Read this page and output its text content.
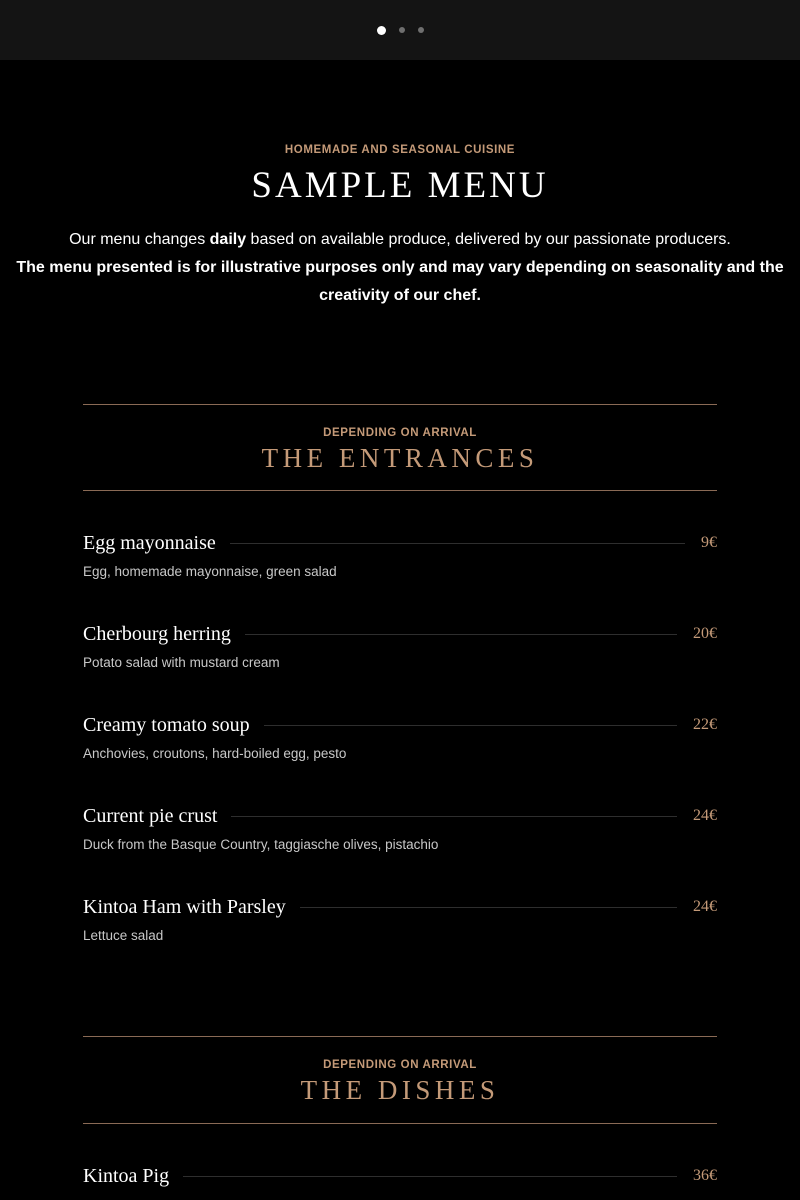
HOMEMADE AND SEASONAL CUISINE
SAMPLE MENU
Our menu changes daily based on available produce, delivered by our passionate producers.
The menu presented is for illustrative purposes only and may vary depending on seasonality and the creativity of our chef.
DEPENDING ON ARRIVAL
THE ENTRANCES
Egg mayonnaise	9€
Egg, homemade mayonnaise, green salad
Cherbourg herring	20€
Potato salad with mustard cream
Creamy tomato soup	22€
Anchovies, croutons, hard-boiled egg, pesto
Current pie crust	24€
Duck from the Basque Country, taggiasche olives, pistachio
Kintoa Ham with Parsley	24€
Lettuce salad
DEPENDING ON ARRIVAL
THE DISHES
Kintoa Pig	36€
